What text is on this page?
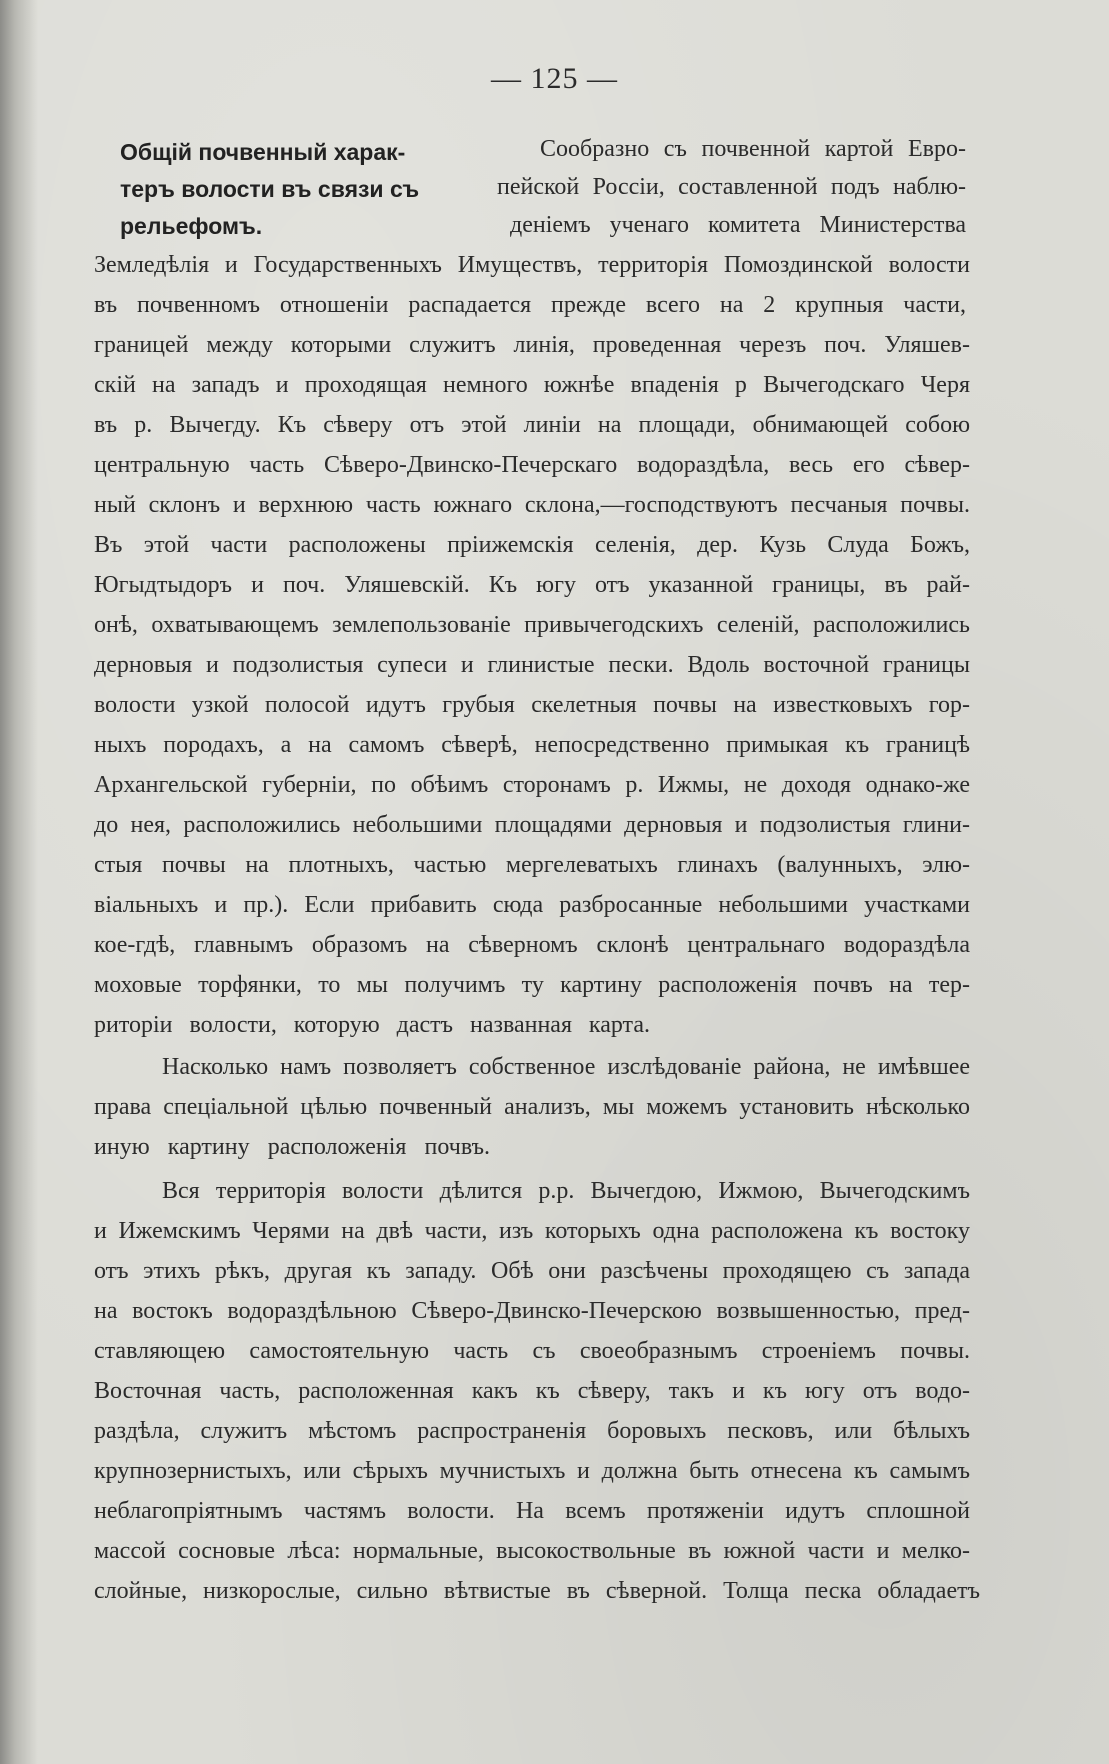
— 125 —
Общій почвенный харак-
теръ волости въ связи съ
рельефомъ.
Сообразно съ почвенной картой Евро-
пейской Россіи, составленной подъ наблю-
деніемъ ученаго комитета Министерства
Земледѣлія и Государственныхъ Имуществъ, территорія Помоздинской волости
въ почвенномъ отношеніи распадается прежде всего на 2 крупныя части,
границей между которыми служитъ линія, проведенная черезъ поч. Уляшев-
скій на западъ и проходящая немного южнѣе впаденія р Вычегодскаго Черя
въ р. Вычегду. Къ сѣверу отъ этой линіи на площади, обнимающей собою
центральную часть Сѣверо-Двинско-Печерскаго водораздѣла, весь его сѣвер-
ный склонъ и верхнюю часть южнаго склона,—господствуютъ песчаныя почвы.
Въ этой части расположены прiижемскія селенія, дер. Кузь Слуда Божъ,
Югыдтыдоръ и поч. Уляшевскій. Къ югу отъ указанной границы, въ рай-
онѣ, охватывающемъ землепользованіе привычегодскихъ селеній, расположились
дерновыя и подзолистыя супеси и глинистые пески. Вдоль восточной границы
волости узкой полосой идутъ грубыя скелетныя почвы на известковыхъ гор-
ныхъ породахъ, а на самомъ сѣверѣ, непосредственно примыкая къ границѣ
Архангельской губерніи, по обѣимъ сторонамъ р. Ижмы, не доходя однако-же
до нея, расположились небольшими площадями дерновыя и подзолистыя глини-
стыя почвы на плотныхъ, частью мергелеватыхъ глинахъ (валунныхъ, элю-
віальныхъ и пр.). Если прибавить сюда разбросанные небольшими участками
кое-гдѣ, главнымъ образомъ на сѣверномъ склонѣ центральнаго водораздѣла
моховые торфянки, то мы получимъ ту картину расположенія почвъ на тер-
риторіи волости, которую дастъ названная карта.
Насколько намъ позволяетъ собственное изслѣдованіе района, не имѣвшее
права спеціальной цѣлью почвенный анализъ, мы можемъ установить нѣсколько
иную картину расположенія почвъ.
Вся территорія волости дѣлится р.р. Вычегдою, Ижмою, Вычегодскимъ
и Ижемскимъ Черями на двѣ части, изъ которыхъ одна расположена къ востоку
отъ этихъ рѣкъ, другая къ западу. Обѣ они разсѣчены проходящею съ запада
на востокъ водораздѣльною Сѣверо-Двинско-Печерскою возвышенностью, пред-
ставляющею самостоятельную часть съ своеобразнымъ строеніемъ почвы.
Восточная часть, расположенная какъ къ сѣверу, такъ и къ югу отъ водо-
раздѣла, служитъ мѣстомъ распространенія боровыхъ песковъ, или бѣлыхъ
крупнозернистыхъ, или сѣрыхъ мучнистыхъ и должна быть отнесена къ самымъ
неблагопріятнымъ частямъ волости. На всемъ протяженіи идутъ сплошной
массой сосновые лѣса: нормальные, высокоствольные въ южной части и мелко-
слойные, низкорослые, сильно вѣтвистые въ сѣверной. Толща песка обладаетъ
